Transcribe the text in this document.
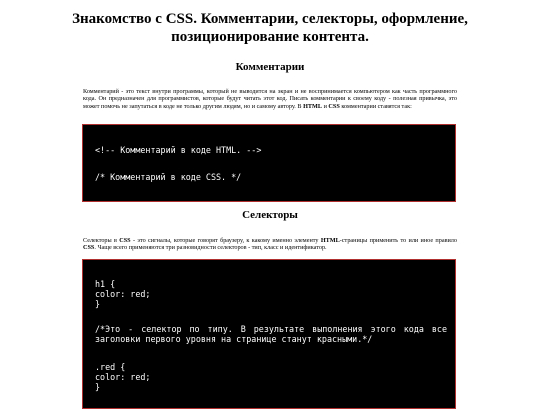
Знакомство с CSS. Комментарии, селекторы, оформление, позиционирование контента.
Комментарии

Комментарий - это текст внутри программы, который не выводится на экран и не воспринимается компьютером как часть программного кода. Он предназначен для программистов, которые будут читать этот код. Писать комментарии к своему коду - полезная привычка, это может помочь не запутаться в коде не только другим людям, но и самому автору. В HTML и CSS комментарии ставятся так:

<!-- Комментарий в коде HTML. -->
/* Комментарий в коде CSS. */
Селекторы

Селекторы в CSS - это сигналы, которые говорят браузеру, к какому именно элементу HTML-страницы применить то или иное правило CSS. Чаще всего применяются три разновидности селекторов - тип, класс и идентификатор.

h1 {
color: red;
}
/*Это - селектор по типу. В результате выполнения этого кода все заголовки первого уровня на странице станут красными.*/
.red {
color: red;
}
